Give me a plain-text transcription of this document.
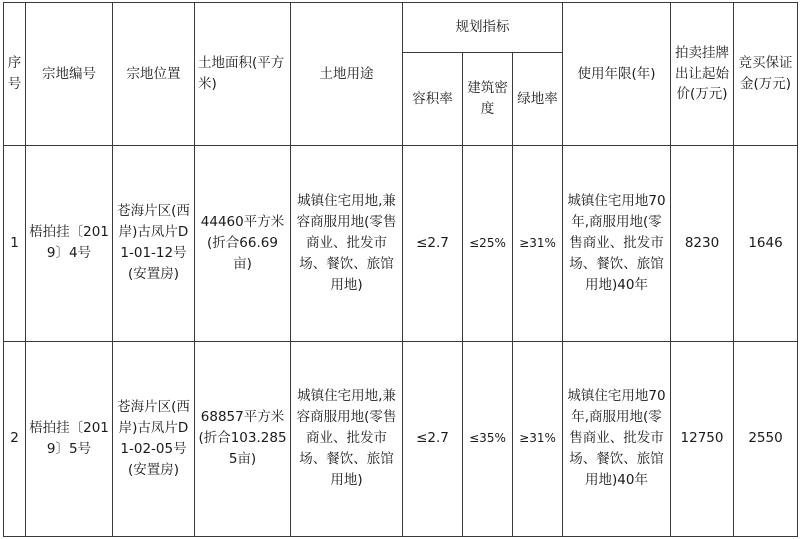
序号	宗地编号	宗地位置	土地面积(平方米)	土地用途	规划指标			使用年限(年)	拍卖挂牌出让起始价(万元)	竞买保证金(万元)
					容积率	建筑密度	绿地率			
1	梧拍挂〔2019〕4号	苍海片区(西岸)古凤片D1-01-12号(安置房)	44460平方米(折合66.69亩)	城镇住宅用地,兼容商服用地(零售商业、批发市场、餐饮、旅馆用地)	≤2.7	≤25%	≥31%	城镇住宅用地70年,商服用地(零售商业、批发市场、餐饮、旅馆用地)40年	8230	1646
2	梧拍挂〔2019〕5号	苍海片区(西岸)古凤片D1-02-05号(安置房)	68857平方米(折合103.2855亩)	城镇住宅用地,兼容商服用地(零售商业、批发市场、餐饮、旅馆用地)	≤2.7	≤35%	≥31%	城镇住宅用地70年,商服用地(零售商业、批发市场、餐饮、旅馆用地)40年	12750	2550
